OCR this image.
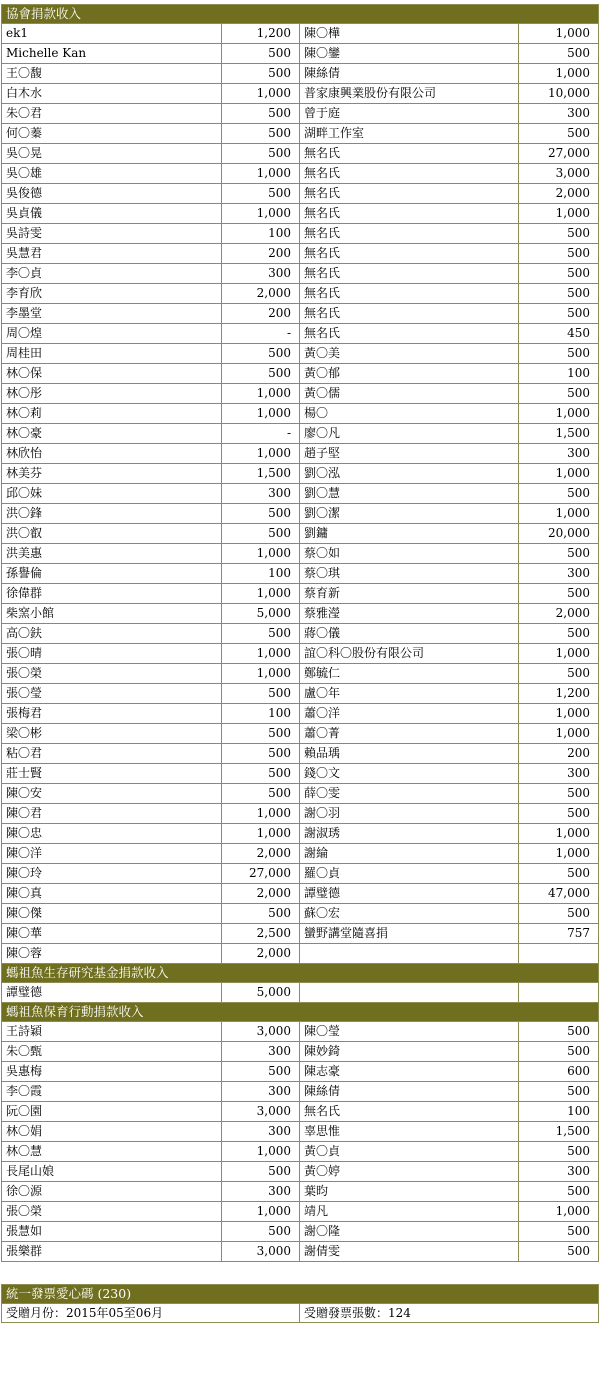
協會捐款收入			
ek1	1,200	陳〇樺	1,000
Michelle Kan	500	陳〇鑾	500
王〇馥	500	陳絲倩	1,000
白木水	1,000	普家康興業股份有限公司	10,000
朱〇君	500	曾于庭	300
何〇蓁	500	湖畔工作室	500
吳〇晃	500	無名氏	27,000
吳〇雄	1,000	無名氏	3,000
吳俊德	500	無名氏	2,000
吳貞儀	1,000	無名氏	1,000
吳詩雯	100	無名氏	500
吳慧君	200	無名氏	500
李〇貞	300	無名氏	500
李育欣	2,000	無名氏	500
李墨堂	200	無名氏	500
周〇煌	-	無名氏	450
周桂田	500	黃〇美	500
林〇保	500	黃〇郁	100
林〇彤	1,000	黃〇儒	500
林〇莉	1,000	楊〇	1,000
林〇豪	-	廖〇凡	1,500
林欣怡	1,000	趙子堅	300
林美芬	1,500	劉〇泓	1,000
邱〇妹	300	劉〇慧	500
洪〇鋒	500	劉〇潔	1,000
洪〇叡	500	劉鏞	20,000
洪美惠	1,000	蔡〇如	500
孫譽倫	100	蔡〇琪	300
徐偉群	1,000	蔡育新	500
柴窯小館	5,000	蔡雅瀅	2,000
高〇鈇	500	蔣〇儀	500
張〇晴	1,000	誼〇科〇股份有限公司	1,000
張〇榮	1,000	鄭毓仁	500
張〇瑩	500	盧〇年	1,200
張梅君	100	蕭〇洋	1,000
梁〇彬	500	蕭〇菁	1,000
粘〇君	500	賴品瑀	200
莊士賢	500	錢〇文	300
陳〇安	500	薛〇雯	500
陳〇君	1,000	謝〇羽	500
陳〇忠	1,000	謝淑琇	1,000
陳〇洋	2,000	謝綸	1,000
陳〇玲	27,000	羅〇貞	500
陳〇真	2,000	譚璧德	47,000
陳〇傑	500	蘇〇宏	500
陳〇華	2,500	蠻野講堂隨喜捐	757
陳〇蓉	2,000		
螞祖魚生存研究基金捐款收入			
譚璧德	5,000		
螞祖魚保育行動捐款收入			
王詩穎	3,000	陳〇瑩	500
朱〇甄	300	陳妙錡	500
吳惠梅	500	陳志豪	600
李〇霞	300	陳絲倩	500
阮〇園	3,000	無名氏	100
林〇娟	300	辜思惟	1,500
林〇慧	1,000	黃〇貞	500
長尾山娘	500	黃〇婷	300
徐〇源	300	葉昀	500
張〇榮	1,000	靖凡	1,000
張慧如	500	謝〇隆	500
張樂群	3,000	謝倩雯	500
統一發票愛心碼 (230)
受贈月份：2015年05至06月	受贈發票張數：124
